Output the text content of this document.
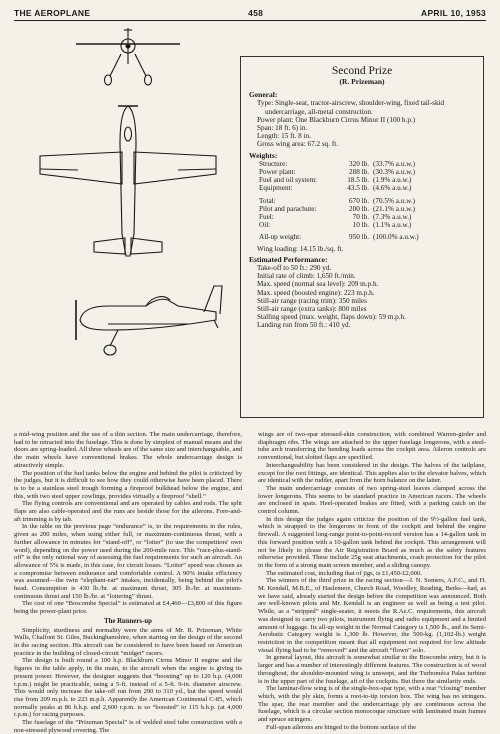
THE AEROPLANE	458	APRIL 10, 1953
Second Prize
(R. Prizeman)
General:
Type: Single-seat, tractor-airscrew, shoulder-wing, fixed tail-skid undercarriage, all-metal construction.
Power plant: One Blackburn Cirrus Minor II (100 h.p.)
Span: 18 ft. 6) in.
Length: 15 ft. 8 in.
Gross wing area: 67.2 sq. ft.
Weights:
Structure:	320 lb.	(33.7% a.u.w.)
Power plant:	288 lb.	(30.3% a.u.w.)
Fuel and oil system:	18.5 lb.	(1.9% a.u.w.)
Equipment:	43.5 lb.	(4.6% a.u.w.)
Total:	670 lb.	(70.5% a.u.w.)
Pilot and parachute:	200 lb.	(21.1% a.u.w.)
Fuel:	70 lb.	(7.3% a.u.w.)
Oil:	10 lb.	(1.1% a.u.w.)
All-up weight:	950 lb.	(100.0% a.u.w.)
Wing loading: 14.15 lb./sq. ft.
Estimated Performance:
Take-off to 50 ft.: 290 yd.
Initial rate of climb: 1,650 ft./min.
Max. speed (normal sea level): 209 m.p.h.
Max. speed (boosted engine): 223 m.p.h.
Still-air range (racing trim): 350 miles
Still-air range (extra tanks): 800 miles
Stalling speed (max. weight, flaps down): 59 m.p.h.
Landing run from 50 ft.: 410 yd.

a mid-wing position and the use of a thin section. The main undercarriage, therefore, had to be retracted into the fuselage. This is done by simplest of manual means and the doors are spring-loaded. All three wheels are of the same size and interchangeable, and the main wheels have conventional brakes. The whole undercarriage design is attractively simple.

The position of the fuel tanks below the engine and behind the pilot is criticized by the judges, but it is difficult to see how they could otherwise have been placed. There is to be a stainless steel trough forming a fireproof bulkhead below the engine, and this, with two steel upper cowlings, provides virtually a fireproof “shell.”

The flying controls are conventional and are operated by cables and rods. The split flaps are also cable-operated and the runs are beside those for the ailerons. Fore-and-aft trimming is by tab.

In the table on the previous page “endurance” is, to the requirements in the rules, given as 200 miles, when using either full, or maximum-continuous thrust, with a further allowance in minutes for “stand-off”, or “loiter” (to use the competitors' own word), depending on the power used during the 200-mile race. This “race-plus-stand-off” is the only rational way of assessing the fuel requirements for such an aircraft. An allowance of 5% is made, in this case, for circuit losses. “Loiter” speed was chosen as a compromise between endurance and comfortable control. A 90% intake efficiency was assumed—the twin “elephant-ear” intakes, incidentally, being behind the pilot's head. Consumption is 430 lb./hr. at maximum thrust, 305 lb./hr. at maximum-continuous thrust and 150 lb./hr. at “loitering” thrust.

The cost of one “Boscombe Special” is estimated at £4,460—£3,800 of this figure being the power-plant price.

The Runners-up

Simplicity, sturdiness and normality were the aims of Mr. R. Prizeman, White Walls, Chalfont St. Giles, Buckinghamshire, when starting on the design of the second in the racing section. His aircraft can be considered to have been based on American practice in the building of closed-circuit “midget” racers.

The design is built round a 100 h.p. Blackburn Cirrus Minor II engine and the figures in the table apply, in the main, to the aircraft when the engine is giving its present power. However, the designer suggests that “boosting” up to 120 h.p. (4,000 r.p.m.) might be practicable, using a 5-ft. instead of a 5-ft. 9-in. diameter airscrew. This would only increase the take-off run from 290 to 310 yd., but the speed would rise from 209 m.p.h. to 223 m.p.h. Apparently the American Continental C-85, which normally peaks at 86 b.h.p. and 2,600 r.p.m. is so “boosted” to 115 b.h.p. (at 4,000 r.p.m.) for racing purposes.

The fuselage of the “Prizeman Special” is of welded steel tube construction with a non-stressed plywood covering. The

wings are of two-spar stressed-skin construction, with combined Warren-girder and diaphragm ribs. The wings are attached to the upper fuselage longerons, with a steel-tube arch transferring the bending loads across the cockpit area. Aileron controls are conventional, but slotted flaps are specified.

Interchangeability has been considered in the design. The halves of the tailplane, except for the root fittings, are identical. This applies also to the elevator halves, which are identical with the rudder, apart from the horn balance on the latter.

The main undercarriage consists of two spring-steel leaves clamped across the lower longerons. This seems to be standard practice in American racers. The wheels are enclosed in spats. Heel-operated brakes are fitted, with a parking catch on the control column.

In this design the judges again criticize the position of the 9½-gallon fuel tank, which is strapped to the longerons in front of the cockpit and behind the engine firewall. A suggested long-range point-to-point-record version has a 14-gallon tank in this forward position with a 10-gallon tank behind the cockpit. This arrangement will not be likely to please the Air Registration Board as much as the safety features otherwise provided. These include 25g seat attachments, crash protection for the pilot in the form of a strong main screen member, and a sliding canopy.

The estimated cost, including that of jigs, is £1,450-£2,000.

The winners of the third prize in the racing section—J. N. Somers, A.F.C., and H. M. Kendall, M.B.E., of Haslemere, Church Road, Woodley, Reading, Berks—had, as we have said, already started the design before the competition was announced. Both are well-known pilots and Mr. Kendall is an engineer as well as being a test pilot. While, as a “stripped” single-seater, it meets the R.Ae.C. requirements, this aircraft was designed to carry two pilots, instrument flying and radio equipment and a limited amount of luggage. Its all-up weight in the Normal Category is 1,500 lb., and its Semi-Aerobatic Category weight is 1,300 lb. However, the 500-kg. (1,102-lb.) weight restriction in the competition meant that all equipment not required for low altitude visual flying had to be “removed” and the aircraft “flown” solo.

In general layout, this aircraft is somewhat similar to the Boscombe entry, but it is larger and has a number of interestingly different features. The construction is of wood throughout, the shoulder-mounted wing is unswept, and the Turboméca Palas turbine is in the upper part of the fuselage, aft of the cockpits. But there the similarity ends.

The laminar-flow wing is of the single-box-spar type, with a rear “closing” member which, with the ply skin, forms a root-to-tip torsion box. The wing has no stringers. The spar, the rear member and the undercarriage ply are continuous across the fuselage, which is a circular section monocoque structure with laminated main frames and spruce stringers.

Full-span ailerons are hinged to the bottom surface of the
